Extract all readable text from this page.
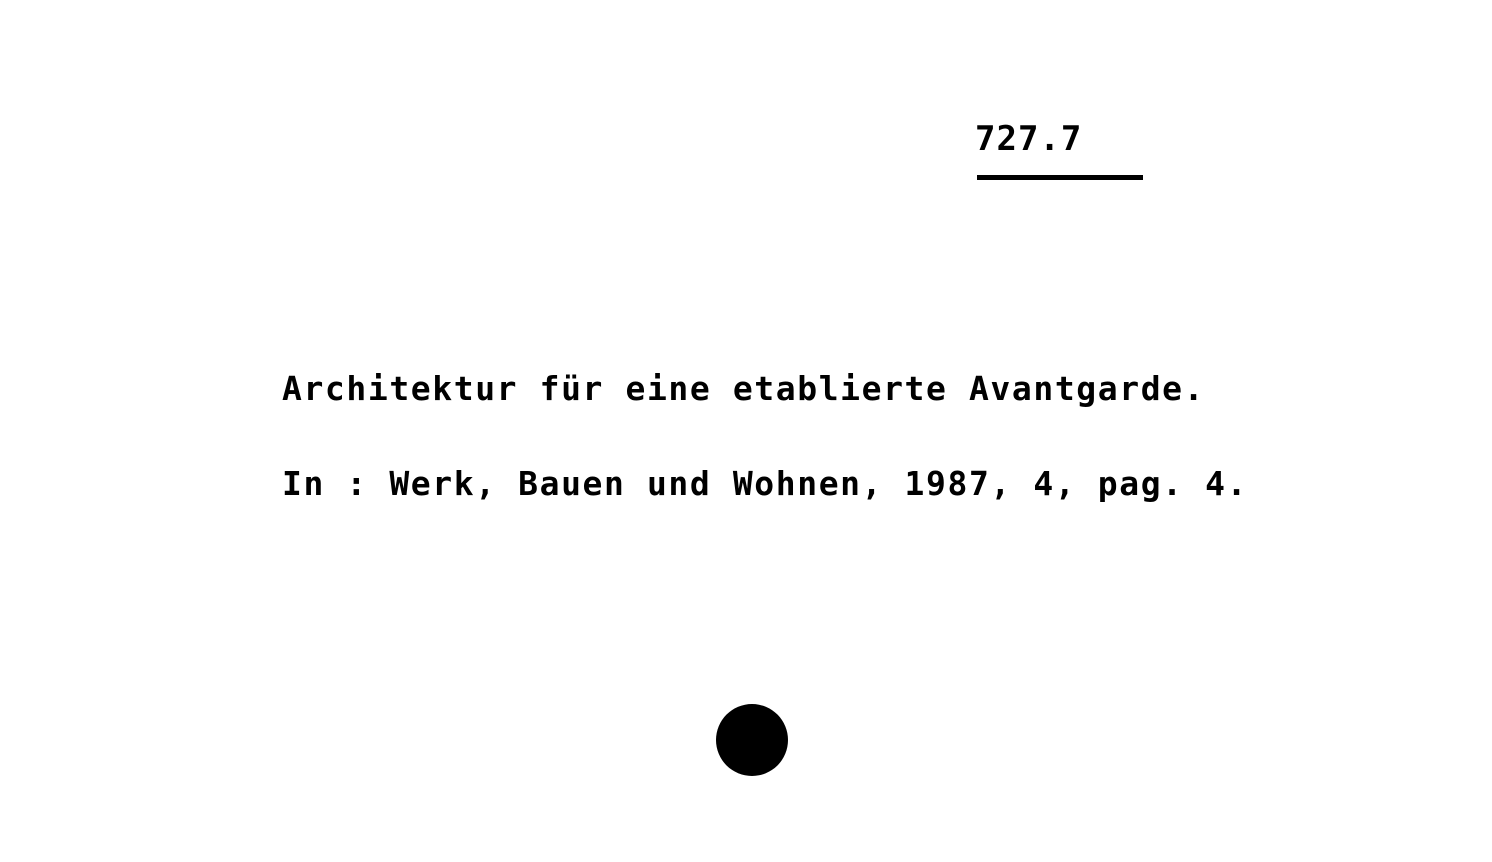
727.7
Architektur für eine etablierte Avantgarde.
In : Werk, Bauen und Wohnen, 1987, 4, pag. 4.
